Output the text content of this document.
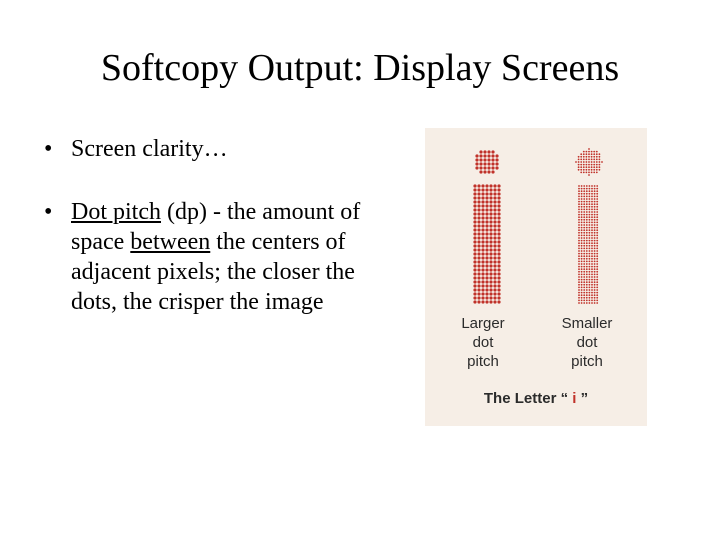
Softcopy Output: Display Screens
• Screen clarity…
• Dot pitch (dp) - the amount of space between the centers of adjacent pixels; the closer the dots, the crisper the image
Larger
dot
pitch
Smaller
dot
pitch
The Letter “ i ”
